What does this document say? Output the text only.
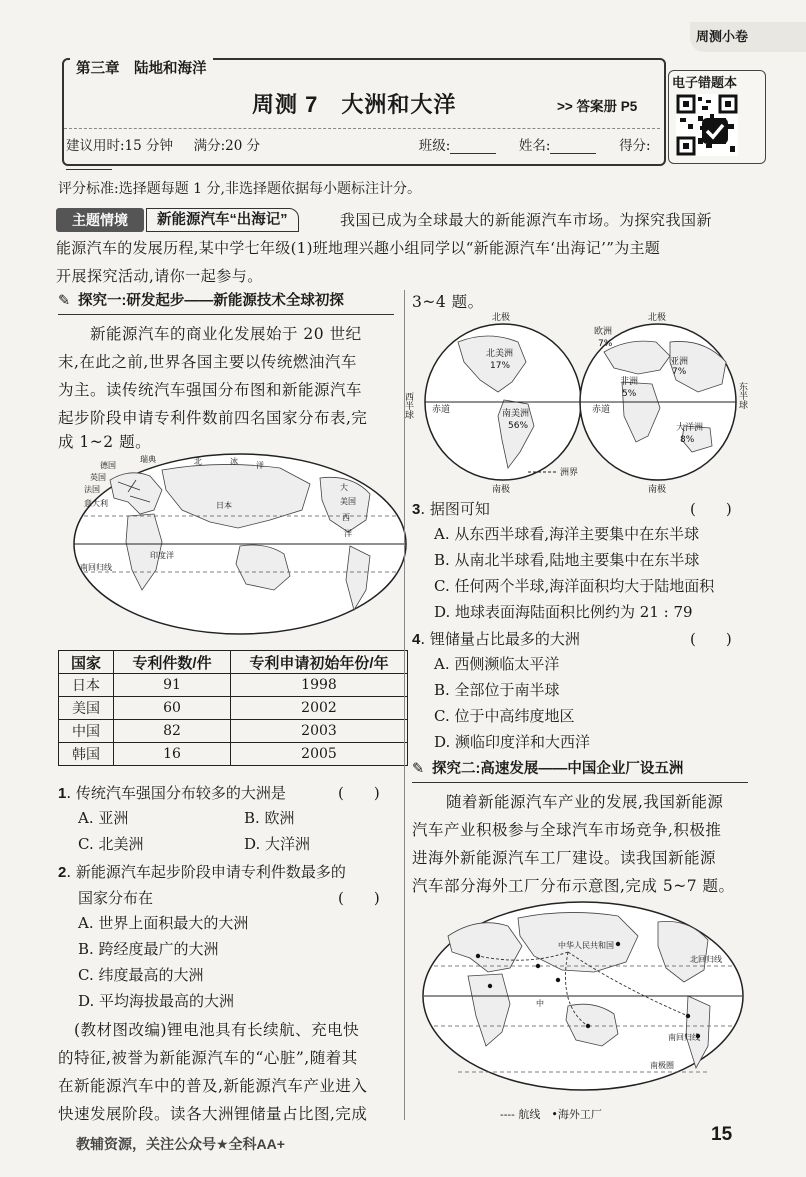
周测小卷
第三章　陆地和海洋
周测 7　大洲和大洋	>> 答案册 P5
建议用时:15 分钟 满分:20 分	班级:	姓名:	得分:
电子错题本
评分标准:选择题每题 1 分,非选择题依据每小题标注计分。
主题情境	新能源汽车“出海记”	我国已成为全球最大的新能源汽车市场。为探究我国新
能源汽车的发展历程,某中学七年级(1)班地理兴趣小组同学以“新能源汽车‘出海记’”为主题
开展探究活动,请你一起参与。
✎ 探究一:研发起步——新能源技术全球初探
新能源汽车的商业化发展始于 20 世纪
末,在此之前,世界各国主要以传统燃油汽车
为主。读传统汽车强国分布图和新能源汽车
起步阶段申请专利件数前四名国家分布表,完
成 1~2 题。
德国
瑞典
英国
法国
意大利
北	冰 洋
日本
大
美国
西
洋
印度洋
南回归线
国家	专利件数/件	专利申请初始年份/年
日本	91	1998
美国	60	2002
中国	82	2003
韩国	16	2005
1. 传统汽车强国分布较多的大洲是	(　　)
A. 亚洲	B. 欧洲
C. 北美洲	D. 大洋洲
2. 新能源汽车起步阶段申请专利件数最多的
国家分布在	(　　)
A. 世界上面积最大的大洲
B. 跨经度最广的大洲
C. 纬度最高的大洲
D. 平均海拔最高的大洲
(教材图改编)锂电池具有长续航、充电快
的特征,被誉为新能源汽车的“心脏”,随着其
在新能源汽车中的普及,新能源汽车产业进入
快速发展阶段。读各大洲锂储量占比图,完成
3~4 题。
北极
南极
西半球	东半球
北极
南极
北美洲
17%
南美洲
56%
欧洲
7%
亚洲
7%
非洲
5%
大洋洲
8%
赤道	赤道
洲界
3. 据图可知	(　　)
A. 从东西半球看,海洋主要集中在东半球
B. 从南北半球看,陆地主要集中在东半球
C. 任何两个半球,海洋面积均大于陆地面积
D. 地球表面海陆面积比例约为 21 : 79
4. 锂储量占比最多的大洲	(　　)
A. 西侧濒临太平洋
B. 全部位于南半球
C. 位于中高纬度地区
D. 濒临印度洋和大西洋
✎ 探究二:高速发展——中国企业厂设五洲
随着新能源汽车产业的发展,我国新能源
汽车产业积极参与全球汽车市场竞争,积极推
进海外新能源汽车工厂建设。读我国新能源
汽车部分海外工厂分布示意图,完成 5~7 题。
中华人民共和国
北回归线
中
南回归线
南极圈
---- 航线　•海外工厂
教辅资源，关注公众号★全科AA+	15
